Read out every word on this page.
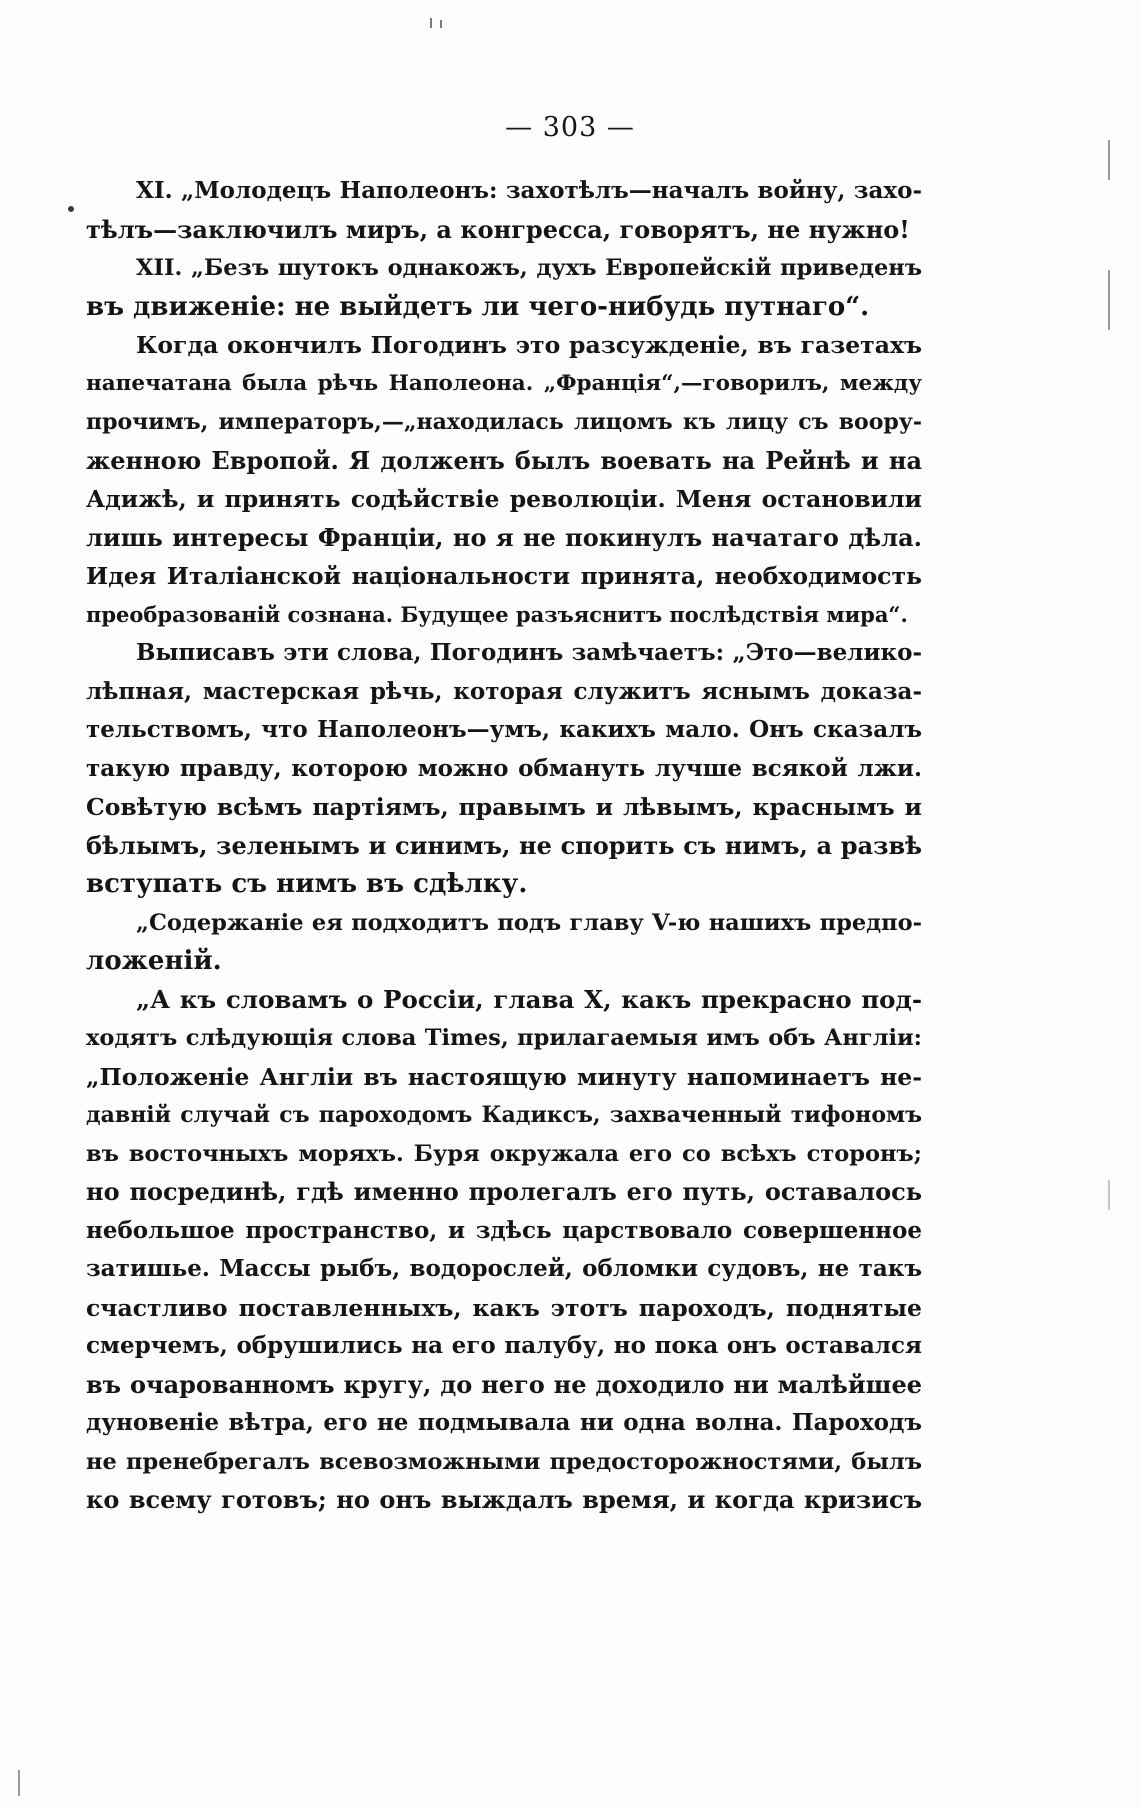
— 303 —
XI. „Молодецъ Наполеонъ: захотѣлъ—началъ войну, захо-
тѣлъ—заключилъ миръ, а конгресса, говорятъ, не нужно!
XII. „Безъ шутокъ однакожъ, духъ Европейскій приведенъ
въ движеніе: не выйдетъ ли чего-нибудь путнаго“.
Когда окончилъ Погодинъ это разсужденіе, въ газетахъ
напечатана была рѣчь Наполеона. „Франція“,—говорилъ, между
прочимъ, императоръ,—„находилась лицомъ къ лицу съ воору-
женною Европой. Я долженъ былъ воевать на Рейнѣ и на
Адижѣ, и принять содѣйствіе революціи. Меня остановили
лишь интересы Франціи, но я не покинулъ начатаго дѣла.
Идея Италіанской національности принята, необходимость
преобразованій сознана. Будущее разъяснитъ послѣдствія мира“.
Выписавъ эти слова, Погодинъ замѣчаетъ: „Это—велико-
лѣпная, мастерская рѣчь, которая служитъ яснымъ доказа-
тельствомъ, что Наполеонъ—умъ, какихъ мало. Онъ сказалъ
такую правду, которою можно обмануть лучше всякой лжи.
Совѣтую всѣмъ партіямъ, правымъ и лѣвымъ, краснымъ и
бѣлымъ, зеленымъ и синимъ, не спорить съ нимъ, а развѣ
вступать съ нимъ въ сдѣлку.
„Содержаніе ея подходитъ подъ главу V-ю нашихъ предпо-
ложеній.
„А къ словамъ о Россіи, глава X, какъ прекрасно под-
ходятъ слѣдующія слова Times, прилагаемыя имъ объ Англіи:
„Положеніе Англіи въ настоящую минуту напоминаетъ не-
давній случай съ пароходомъ Кадиксъ, захваченный тифономъ
въ восточныхъ моряхъ. Буря окружала его со всѣхъ сторонъ;
но посрединѣ, гдѣ именно пролегалъ его путь, оставалось
небольшое пространство, и здѣсь царствовало совершенное
затишье. Массы рыбъ, водорослей, обломки судовъ, не такъ
счастливо поставленныхъ, какъ этотъ пароходъ, поднятые
смерчемъ, обрушились на его палубу, но пока онъ оставался
въ очарованномъ кругу, до него не доходило ни малѣйшее
дуновеніе вѣтра, его не подмывала ни одна волна. Пароходъ
не пренебрегалъ всевозможными предосторожностями, былъ
ко всему готовъ; но онъ выждалъ время, и когда кризисъ
